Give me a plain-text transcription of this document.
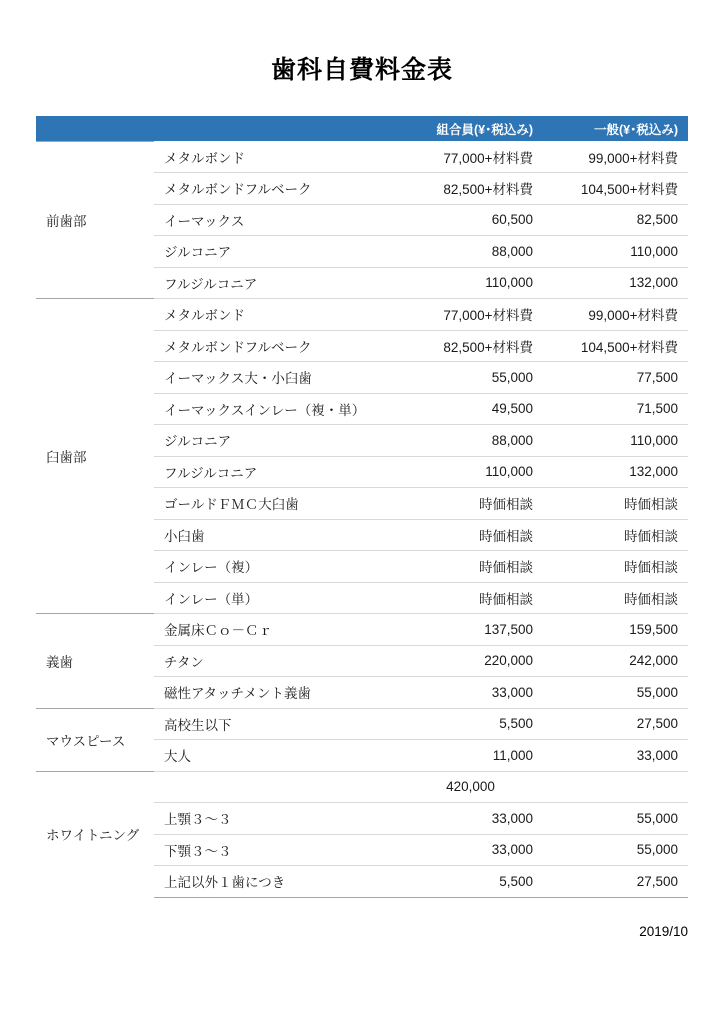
歯科自費料金表
		組合員(¥･税込み)	一般(¥･税込み)

前歯部	メタルボンド	77,000+材料費	99,000+材料費
	メタルボンドフルベーク	82,500+材料費	104,500+材料費
	イーマックス	60,500	82,500
	ジルコニア	88,000	110,000
	フルジルコニア	110,000	132,000

臼歯部	メタルボンド	77,000+材料費	99,000+材料費
	メタルボンドフルベーク	82,500+材料費	104,500+材料費
	イーマックス大・小臼歯	55,000	77,500
	イーマックスインレー（複・単）	49,500	71,500
	ジルコニア	88,000	110,000
	フルジルコニア	110,000	132,000
	ゴールドＦＭＣ大臼歯	時価相談	時価相談
	小臼歯	時価相談	時価相談
	インレー（複）	時価相談	時価相談
	インレー（単）	時価相談	時価相談

義歯	金属床Ｃｏ－Ｃｒ	137,500	159,500
	チタン	220,000	242,000
	磁性アタッチメント義歯	33,000	55,000

マウスピース	高校生以下	5,500	27,500
	大人	11,000	33,000

ホワイトニング		420,000	
	上顎３～３	33,000	55,000
	下顎３～３	33,000	55,000
	上記以外１歯につき	5,500	27,500
2019/10
